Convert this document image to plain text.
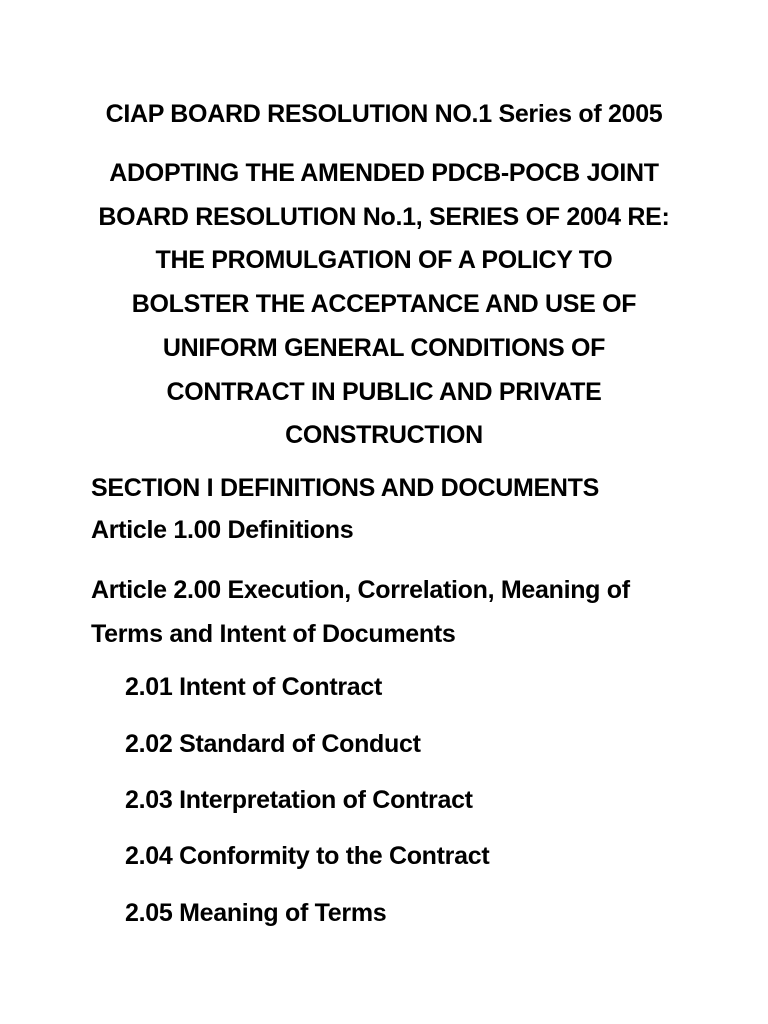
CIAP BOARD RESOLUTION NO.1 Series of 2005
ADOPTING THE AMENDED PDCB-POCB JOINT
BOARD RESOLUTION No.1, SERIES OF 2004 RE:
THE PROMULGATION OF A POLICY TO
BOLSTER THE ACCEPTANCE AND USE OF
UNIFORM GENERAL CONDITIONS OF
CONTRACT IN PUBLIC AND PRIVATE
CONSTRUCTION
SECTION I DEFINITIONS AND DOCUMENTS
Article 1.00 Definitions
Article 2.00 Execution, Correlation, Meaning of
Terms and Intent of Documents
2.01 Intent of Contract
2.02 Standard of Conduct
2.03 Interpretation of Contract
2.04 Conformity to the Contract
2.05 Meaning of Terms
